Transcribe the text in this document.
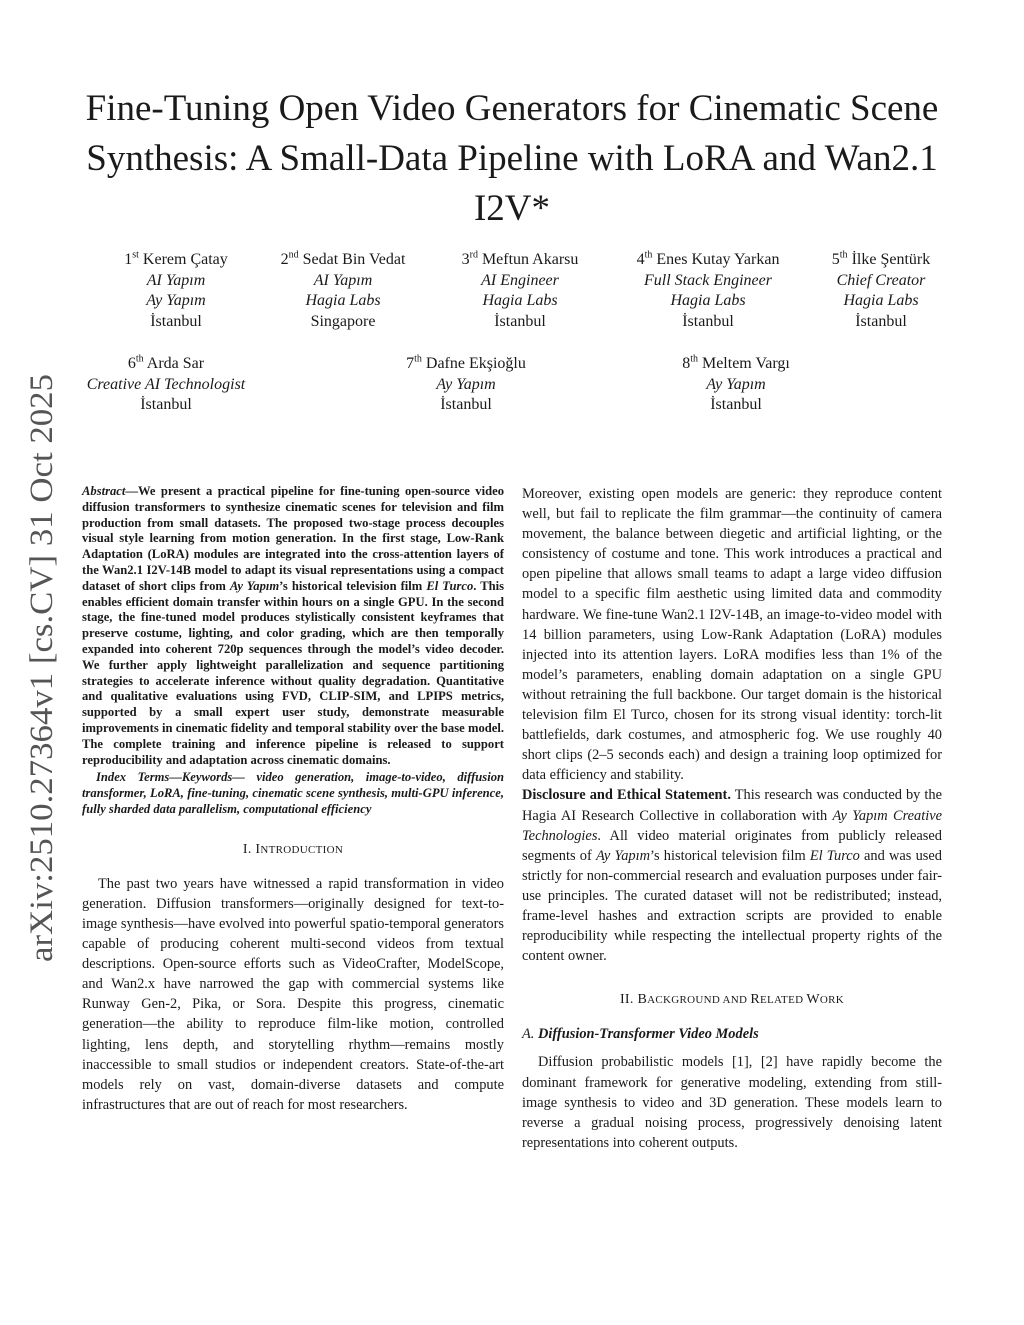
arXiv:2510.27364v1 [cs.CV] 31 Oct 2025
Fine-Tuning Open Video Generators for Cinematic Scene Synthesis: A Small-Data Pipeline with LoRA and Wan2.1 I2V*
1st Kerem Çatay
AI Yapım
Ay Yapım
İstanbul
2nd Sedat Bin Vedat
AI Yapım
Hagia Labs
Singapore
3rd Meftun Akarsu
AI Engineer
Hagia Labs
İstanbul
4th Enes Kutay Yarkan
Full Stack Engineer
Hagia Labs
İstanbul
5th İlke Şentürk
Chief Creator
Hagia Labs
İstanbul
6th Arda Sar
Creative AI Technologist
İstanbul
7th Dafne Ekşioğlu
Ay Yapım
İstanbul
8th Meltem Vargı
Ay Yapım
İstanbul

Abstract—We present a practical pipeline for fine-tuning open-source video diffusion transformers to synthesize cinematic scenes for television and film production from small datasets. The proposed two-stage process decouples visual style learning from motion generation. In the first stage, Low-Rank Adaptation (LoRA) modules are integrated into the cross-attention layers of the Wan2.1 I2V-14B model to adapt its visual representations using a compact dataset of short clips from Ay Yapım’s historical television film El Turco. This enables efficient domain transfer within hours on a single GPU. In the second stage, the fine-tuned model produces stylistically consistent keyframes that preserve costume, lighting, and color grading, which are then temporally expanded into coherent 720p sequences through the model’s video decoder. We further apply lightweight parallelization and sequence partitioning strategies to accelerate inference without quality degradation. Quantitative and qualitative evaluations using FVD, CLIP-SIM, and LPIPS metrics, supported by a small expert user study, demonstrate measurable improvements in cinematic fidelity and temporal stability over the base model. The complete training and inference pipeline is released to support reproducibility and adaptation across cinematic domains.

Index Terms—Keywords— video generation, image-to-video, diffusion transformer, LoRA, fine-tuning, cinematic scene synthesis, multi-GPU inference, fully sharded data parallelism, computational efficiency

I. INTRODUCTION

The past two years have witnessed a rapid transformation in video generation. Diffusion transformers—originally designed for text-to-image synthesis—have evolved into powerful spatio-temporal generators capable of producing coherent multi-second videos from textual descriptions. Open-source efforts such as VideoCrafter, ModelScope, and Wan2.x have narrowed the gap with commercial systems like Runway Gen-2, Pika, or Sora. Despite this progress, cinematic generation—the ability to reproduce film-like motion, controlled lighting, lens depth, and storytelling rhythm—remains mostly inaccessible to small studios or independent creators. State-of-the-art models rely on vast, domain-diverse datasets and compute infrastructures that are out of reach for most researchers.

Moreover, existing open models are generic: they reproduce content well, but fail to replicate the film grammar—the continuity of camera movement, the balance between diegetic and artificial lighting, or the consistency of costume and tone. This work introduces a practical and open pipeline that allows small teams to adapt a large video diffusion model to a specific film aesthetic using limited data and commodity hardware. We fine-tune Wan2.1 I2V-14B, an image-to-video model with 14 billion parameters, using Low-Rank Adaptation (LoRA) modules injected into its attention layers. LoRA modifies less than 1% of the model’s parameters, enabling domain adaptation on a single GPU without retraining the full backbone. Our target domain is the historical television film El Turco, chosen for its strong visual identity: torch-lit battlefields, dark costumes, and atmospheric fog. We use roughly 40 short clips (2–5 seconds each) and design a training loop optimized for data efficiency and stability.

Disclosure and Ethical Statement. This research was conducted by the Hagia AI Research Collective in collaboration with Ay Yapım Creative Technologies. All video material originates from publicly released segments of Ay Yapım’s historical television film El Turco and was used strictly for non-commercial research and evaluation purposes under fair-use principles. The curated dataset will not be redistributed; instead, frame-level hashes and extraction scripts are provided to enable reproducibility while respecting the intellectual property rights of the content owner.

II. BACKGROUND AND RELATED WORK
A. Diffusion-Transformer Video Models

Diffusion probabilistic models [1], [2] have rapidly become the dominant framework for generative modeling, extending from still-image synthesis to video and 3D generation. These models learn to reverse a gradual noising process, progressively denoising latent representations into coherent outputs.
